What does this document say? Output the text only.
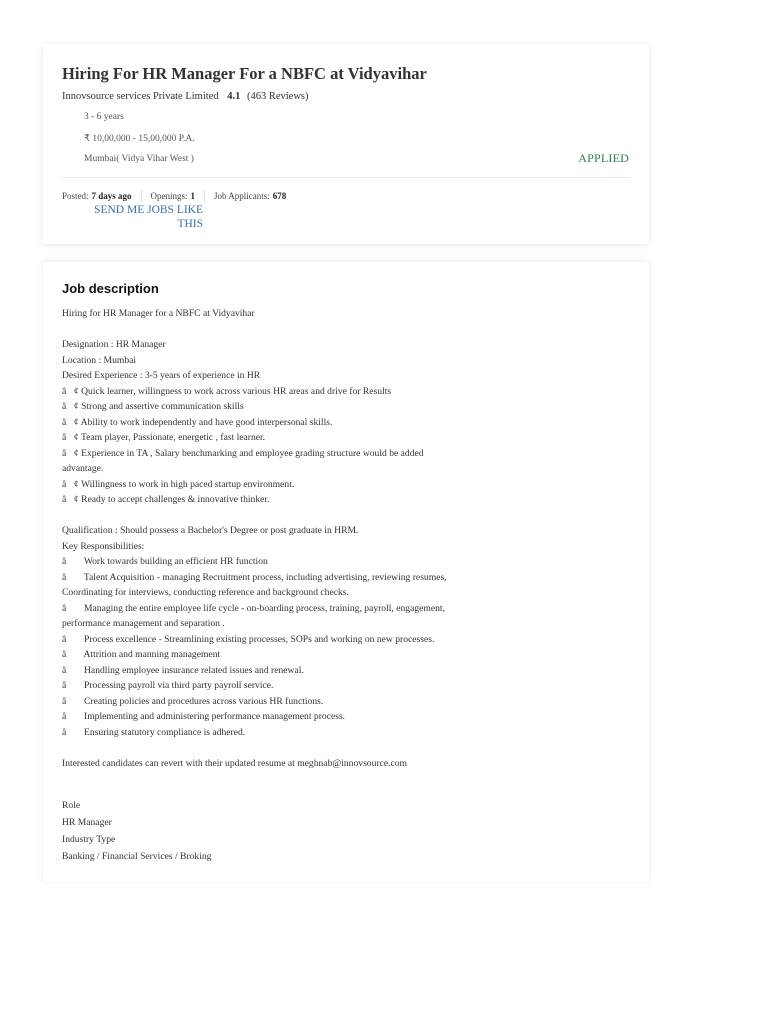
Hiring For HR Manager For a NBFC at Vidyavihar
Innovsource services Private Limited 4.1 (463 Reviews)
3 - 6 years
₹ 10,00,000 - 15,00,000 P.A.
Mumbai( Vidya Vihar West )	APPLIED
Posted: 7 days ago Openings: 1 Job Applicants: 678
SEND ME JOBS LIKE
THIS
Job description
Hiring for HR Manager for a NBFC at Vidyavihar
Designation : HR Manager
Location : Mumbai
Desired Experience : 3-5 years of experience in HR
â¢ Quick learner, willingness to work across various HR areas and drive for Results
â¢ Strong and assertive communication skills
â¢ Ability to work independently and have good interpersonal skills.
â¢ Team player, Passionate, energetic , fast learner.
â¢ Experience in TA , Salary benchmarking and employee grading structure would be added
advantage.
â¢ Willingness to work in high paced startup environment.
â¢ Ready to accept challenges & innovative thinker.
Qualification : Should possess a Bachelor's Degree or post graduate in HRM.
Key Responsibilities:
â Work towards building an efficient HR function
â Talent Acquisition - managing Recruitment process, including advertising, reviewing resumes,
Coordinating for interviews, conducting reference and background checks.
â Managing the entire employee life cycle - on-boarding process, training, payroll, engagement,
performance management and separation .
â Process excellence - Streamlining existing processes, SOPs and working on new processes.
â Attrition and manning management
â Handling employee insurance related issues and renewal.
â Processing payroll via third party payroll service.
â Creating policies and procedures across various HR functions.
â Implementing and administering performance management process.
â Ensuring statutory compliance is adhered.
Interested candidates can revert with their updated resume at meghnab@innovsource.com
Role
HR Manager
Industry Type
Banking / Financial Services / Broking
